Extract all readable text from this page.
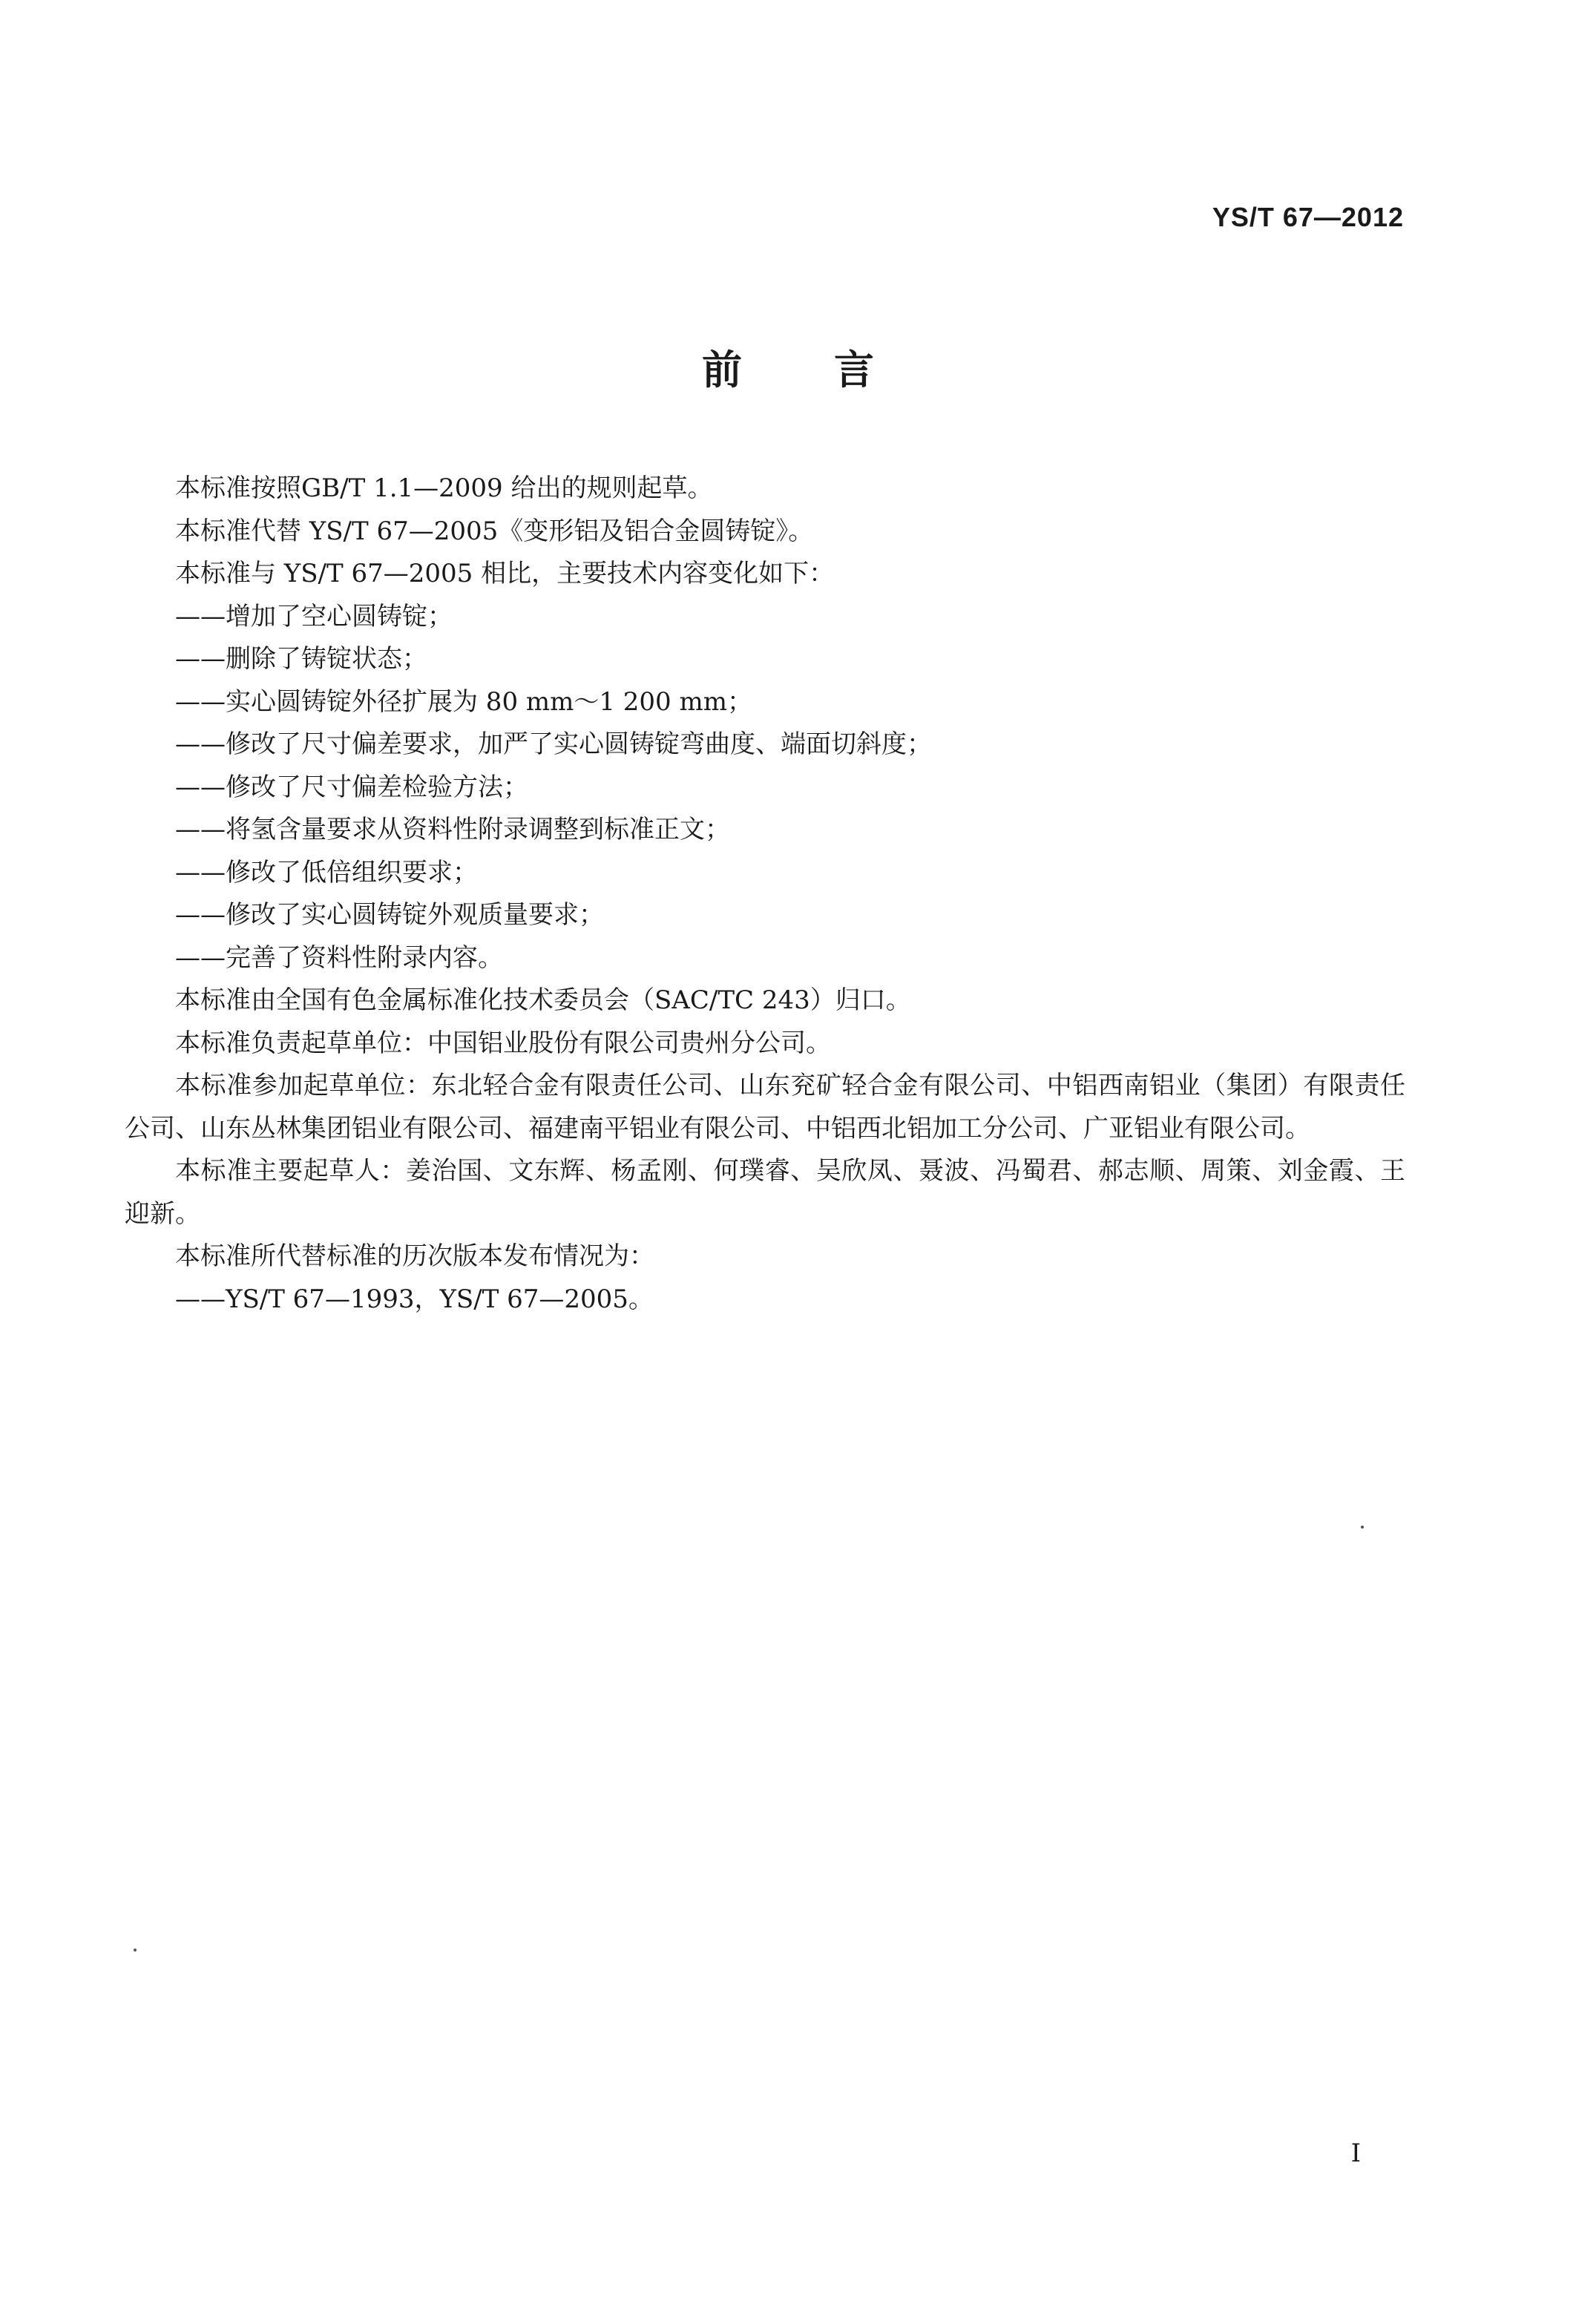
YS/T 67—2012
前言

本标准按照GB/T 1.1—2009 给出的规则起草。

本标准代替 YS/T 67—2005《变形铝及铝合金圆铸锭》。

本标准与 YS/T 67—2005 相比，主要技术内容变化如下：

——增加了空心圆铸锭；

——删除了铸锭状态；

——实心圆铸锭外径扩展为 80 mm～1 200 mm；

——修改了尺寸偏差要求，加严了实心圆铸锭弯曲度、端面切斜度；

——修改了尺寸偏差检验方法；

——将氢含量要求从资料性附录调整到标准正文；

——修改了低倍组织要求；

——修改了实心圆铸锭外观质量要求；

——完善了资料性附录内容。

本标准由全国有色金属标准化技术委员会（SAC/TC 243）归口。

本标准负责起草单位：中国铝业股份有限公司贵州分公司。

本标准参加起草单位：东北轻合金有限责任公司、山东兖矿轻合金有限公司、中铝西南铝业（集团）有限责任公司、山东丛林集团铝业有限公司、福建南平铝业有限公司、中铝西北铝加工分公司、广亚铝业有限公司。

本标准主要起草人：姜治国、文东辉、杨孟刚、何璞睿、吴欣凤、聂波、冯蜀君、郝志顺、周策、刘金霞、王迎新。

本标准所代替标准的历次版本发布情况为：

——YS/T 67—1993，YS/T 67—2005。

I
